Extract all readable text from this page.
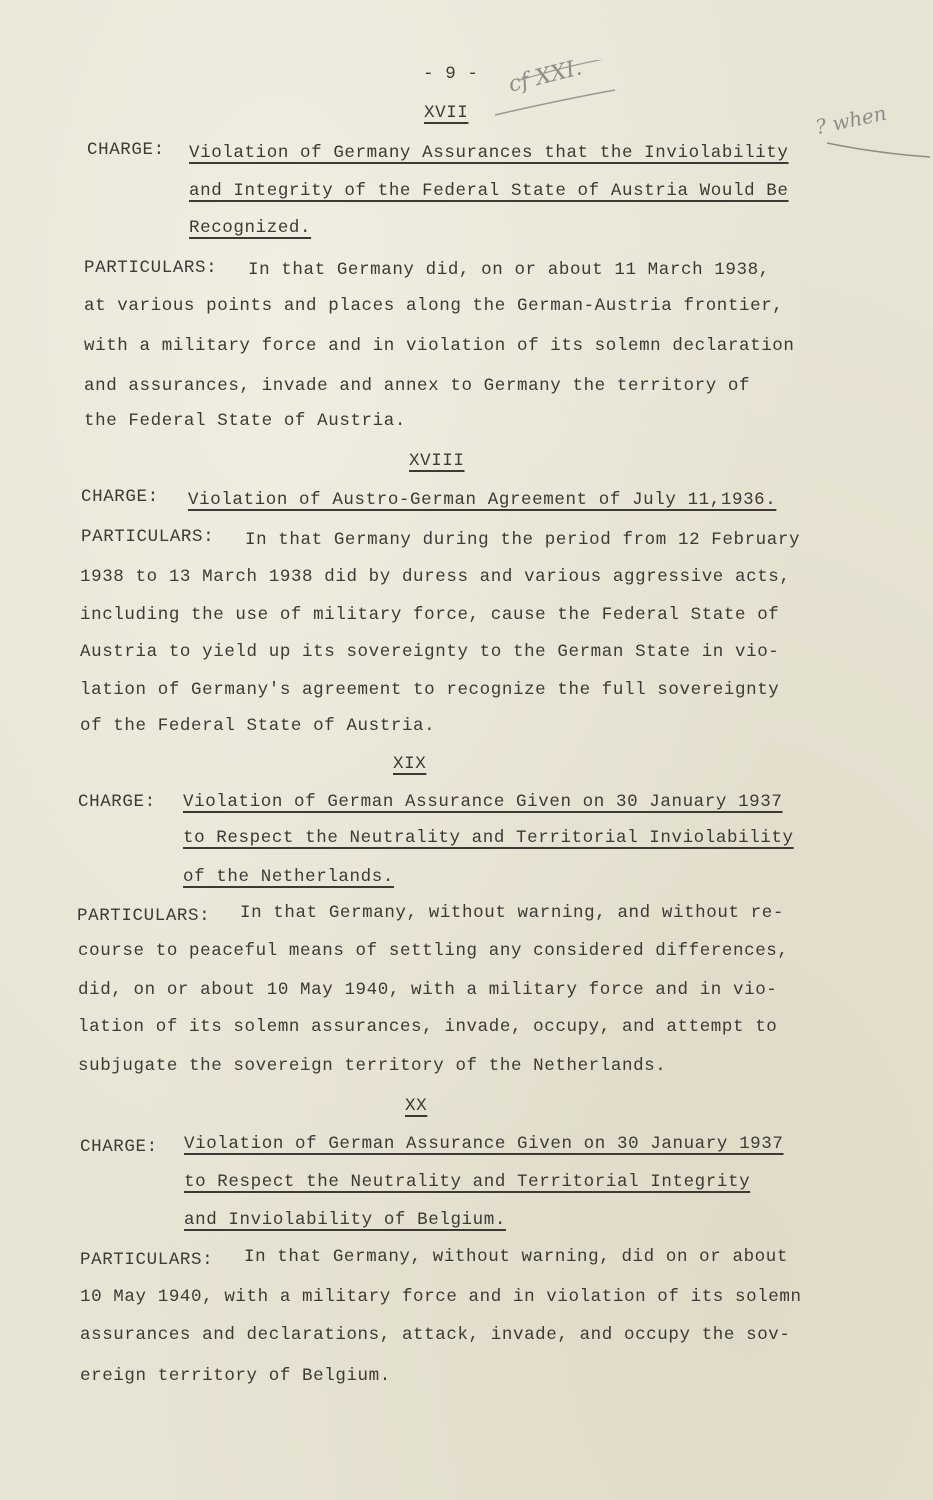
- 9 - cf XXI.
? when
XVII
CHARGE: Violation of Germany Assurances that the Inviolability
and Integrity of the Federal State of Austria Would Be
Recognized.
PARTICULARS: In that Germany did, on or about 11 March 1938,
at various points and places along the German-Austria frontier,
with a military force and in violation of its solemn declaration
and assurances, invade and annex to Germany the territory of
the Federal State of Austria.
XVIII
CHARGE: Violation of Austro-German Agreement of July 11,1936.
PARTICULARS: In that Germany during the period from 12 February
1938 to 13 March 1938 did by duress and various aggressive acts,
including the use of military force, cause the Federal State of
Austria to yield up its sovereignty to the German State in vio-
lation of Germany's agreement to recognize the full sovereignty
of the Federal State of Austria.
XIX
CHARGE: Violation of German Assurance Given on 30 January 1937
to Respect the Neutrality and Territorial Inviolability
of the Netherlands.
PARTICULARS: In that Germany, without warning, and without re-
course to peaceful means of settling any considered differences,
did, on or about 10 May 1940, with a military force and in vio-
lation of its solemn assurances, invade, occupy, and attempt to
subjugate the sovereign territory of the Netherlands.
XX
CHARGE: Violation of German Assurance Given on 30 January 1937
to Respect the Neutrality and Territorial Integrity
and Inviolability of Belgium.
PARTICULARS: In that Germany, without warning, did on or about
10 May 1940, with a military force and in violation of its solemn
assurances and declarations, attack, invade, and occupy the sov-
ereign territory of Belgium.
